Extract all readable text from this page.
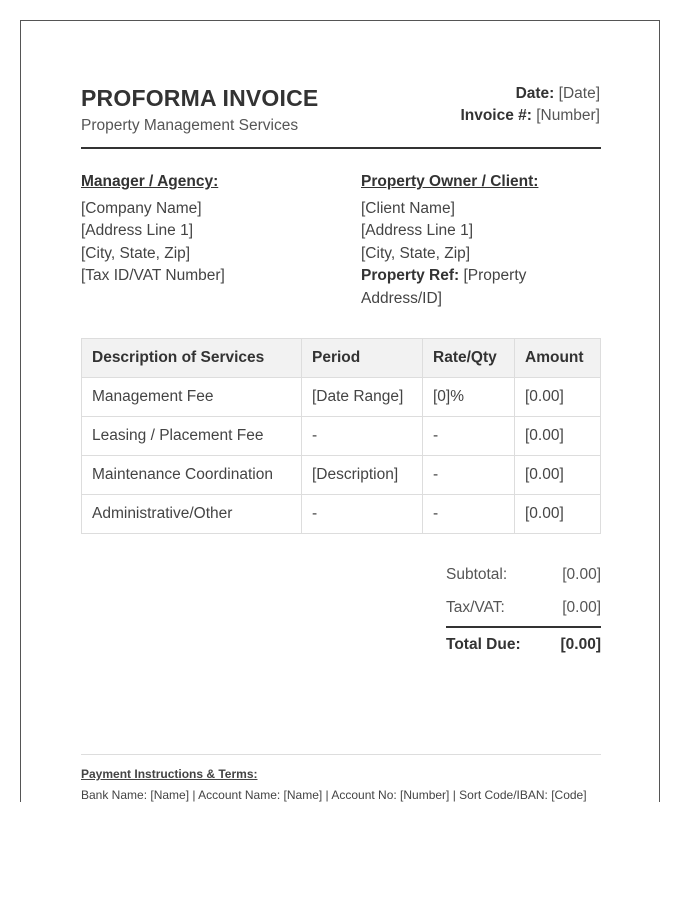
PROFORMA INVOICE
Property Management Services
Date: [Date]
Invoice #: [Number]
Manager / Agency:
[Company Name]
[Address Line 1]
[City, State, Zip]
[Tax ID/VAT Number]
Property Owner / Client:
[Client Name]
[Address Line 1]
[City, State, Zip]
Property Ref: [Property Address/ID]
Description of Services	Period	Rate/Qty	Amount
Management Fee	[Date Range]	[0]%	[0.00]
Leasing / Placement Fee	-	-	[0.00]
Maintenance Coordination	[Description]	-	[0.00]
Administrative/Other	-	-	[0.00]
Subtotal:	[0.00]
Tax/VAT:	[0.00]
Total Due:	[0.00]
Payment Instructions & Terms:
Bank Name: [Name] | Account Name: [Name] | Account No: [Number] | Sort Code/IBAN: [Code]
